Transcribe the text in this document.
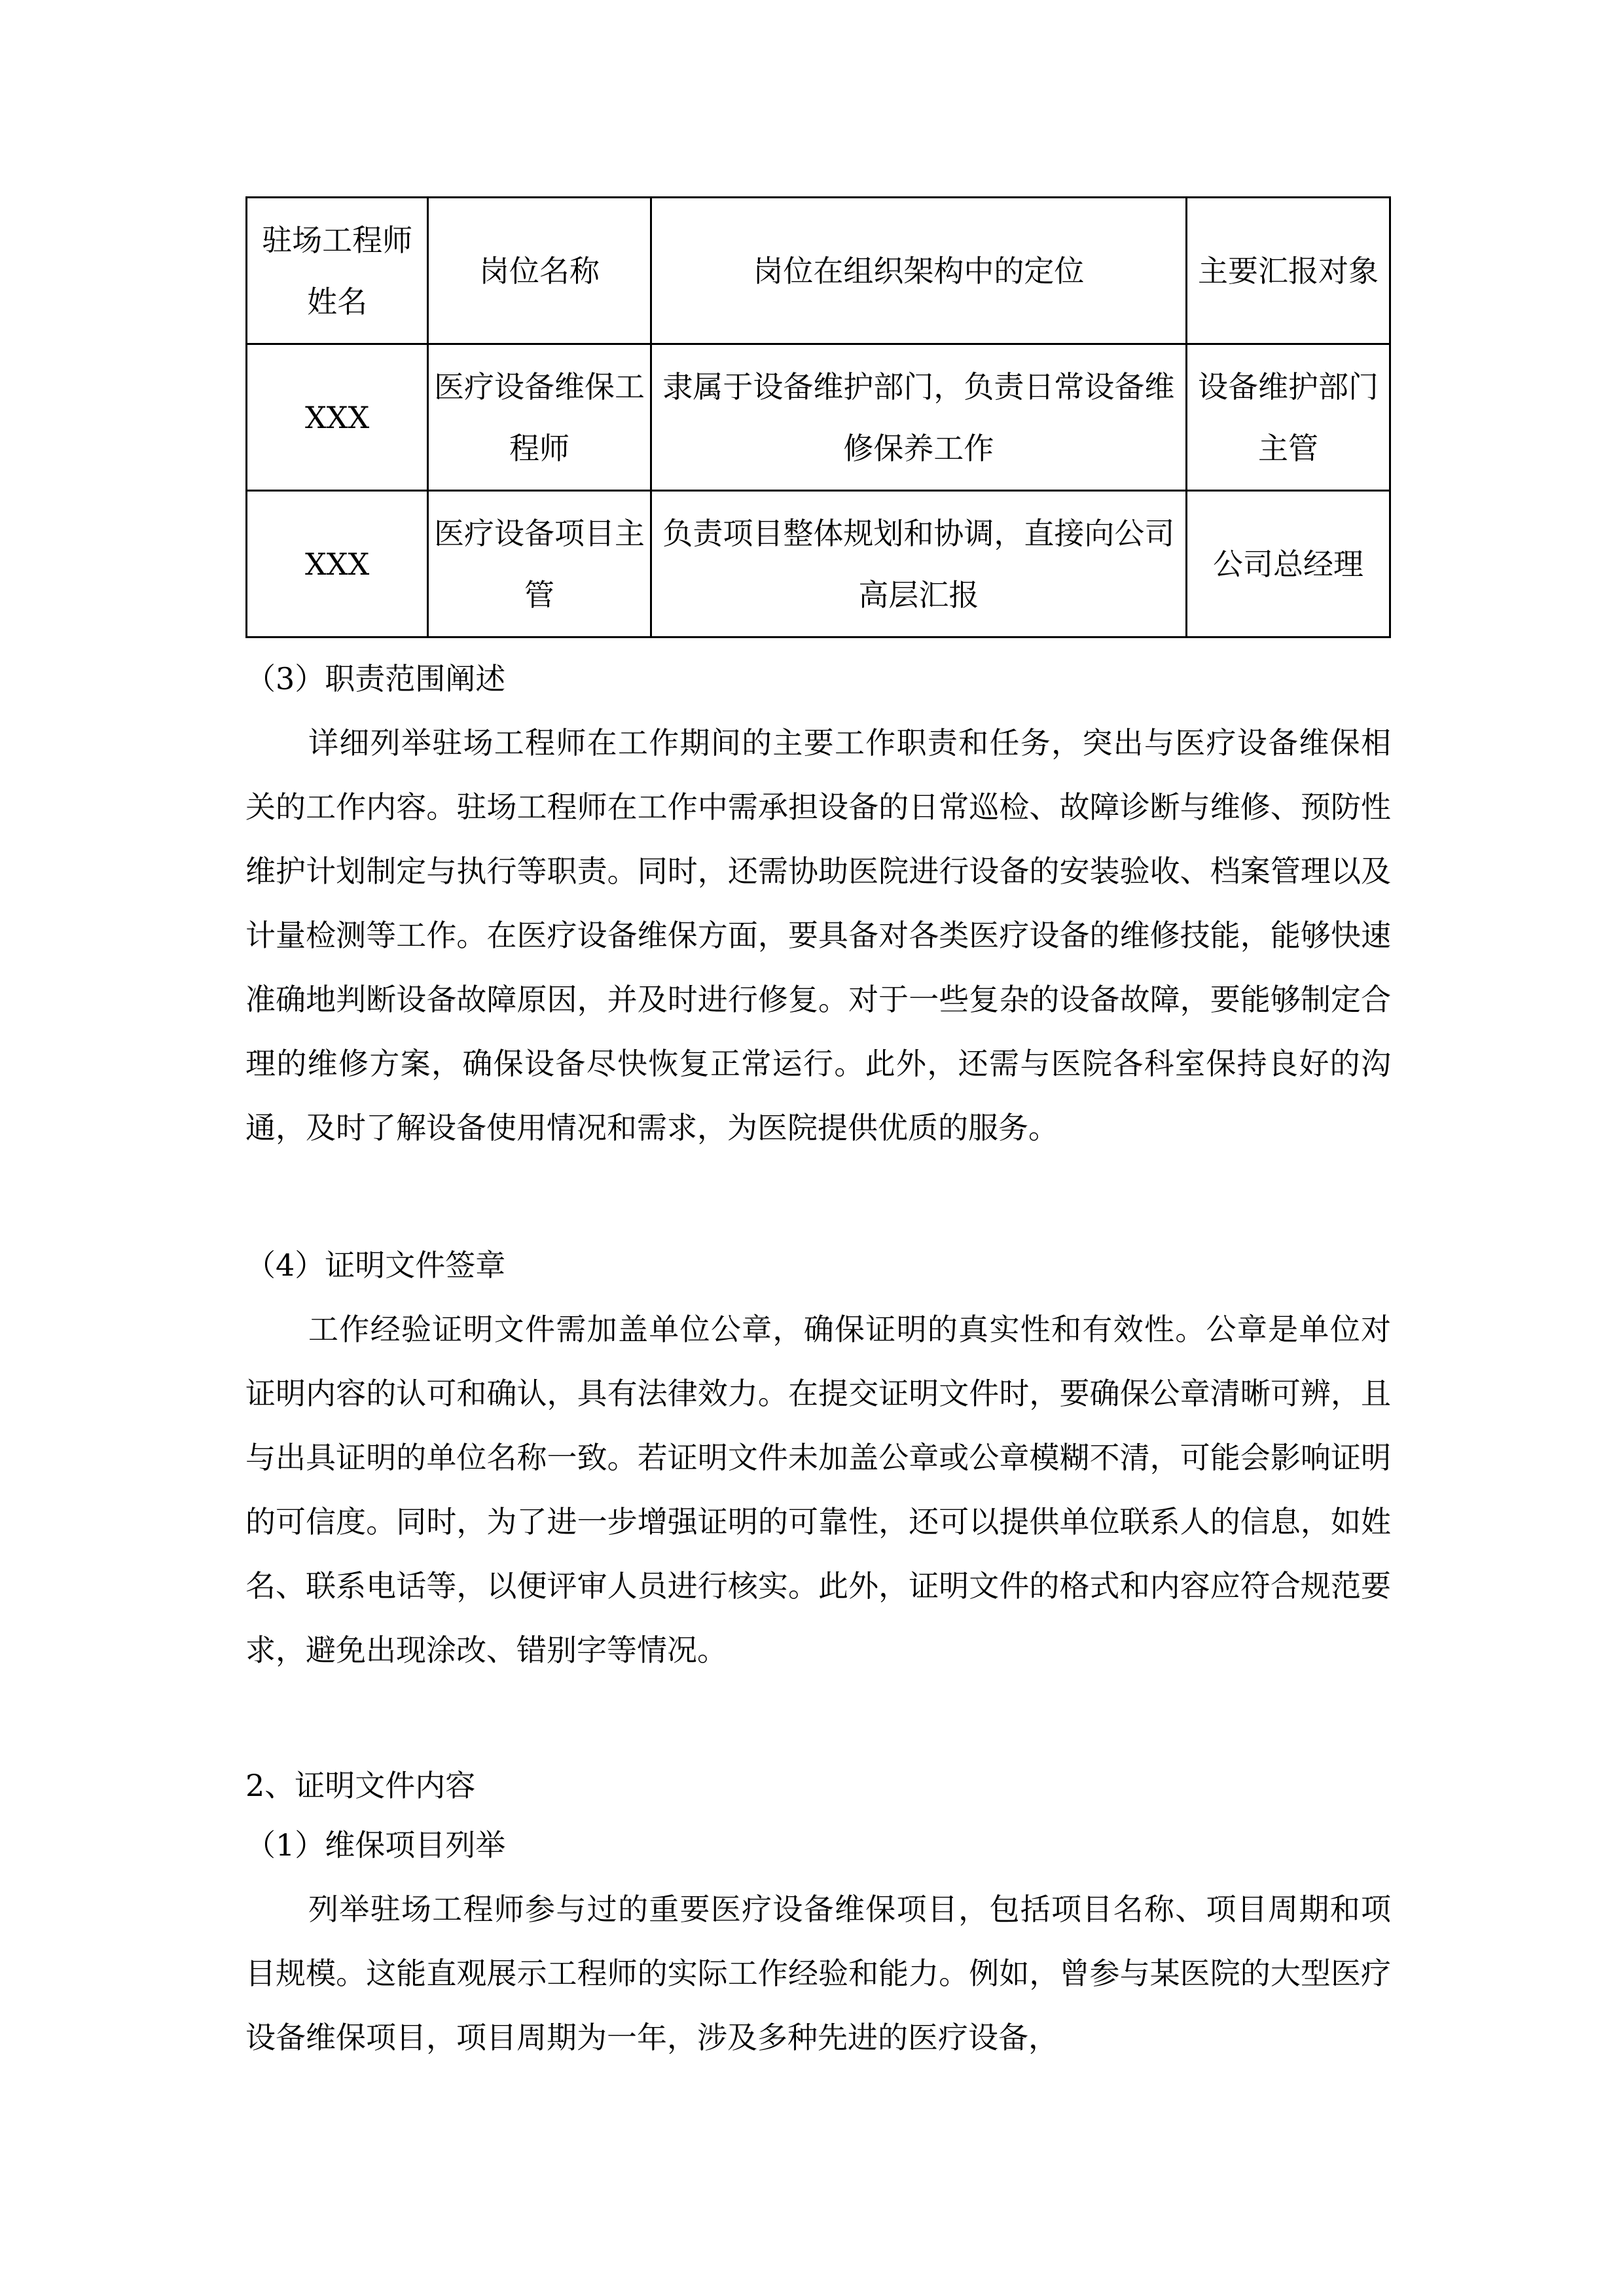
驻场工程师姓名	岗位名称	岗位在组织架构中的定位	主要汇报对象
XXX	医疗设备维保工程师	隶属于设备维护部门，负责日常设备维修保养工作	设备维护部门主管
XXX	医疗设备项目主管	负责项目整体规划和协调，直接向公司高层汇报	公司总经理
（3）职责范围阐述

详细列举驻场工程师在工作期间的主要工作职责和任务，突出与医疗设备维保相关的工作内容。驻场工程师在工作中需承担设备的日常巡检、故障诊断与维修、预防性维护计划制定与执行等职责。同时，还需协助医院进行设备的安装验收、档案管理以及计量检测等工作。在医疗设备维保方面，要具备对各类医疗设备的维修技能，能够快速准确地判断设备故障原因，并及时进行修复。对于一些复杂的设备故障，要能够制定合理的维修方案，确保设备尽快恢复正常运行。此外，还需与医院各科室保持良好的沟通，及时了解设备使用情况和需求，为医院提供优质的服务。

（4）证明文件签章

工作经验证明文件需加盖单位公章，确保证明的真实性和有效性。公章是单位对证明内容的认可和确认，具有法律效力。在提交证明文件时，要确保公章清晰可辨，且与出具证明的单位名称一致。若证明文件未加盖公章或公章模糊不清，可能会影响证明的可信度。同时，为了进一步增强证明的可靠性，还可以提供单位联系人的信息，如姓名、联系电话等，以便评审人员进行核实。此外，证明文件的格式和内容应符合规范要求，避免出现涂改、错别字等情况。

2、证明文件内容
（1）维保项目列举

列举驻场工程师参与过的重要医疗设备维保项目，包括项目名称、项目周期和项目规模。这能直观展示工程师的实际工作经验和能力。例如，曾参与某医院的大型医疗设备维保项目，项目周期为一年，涉及多种先进的医疗设备，
